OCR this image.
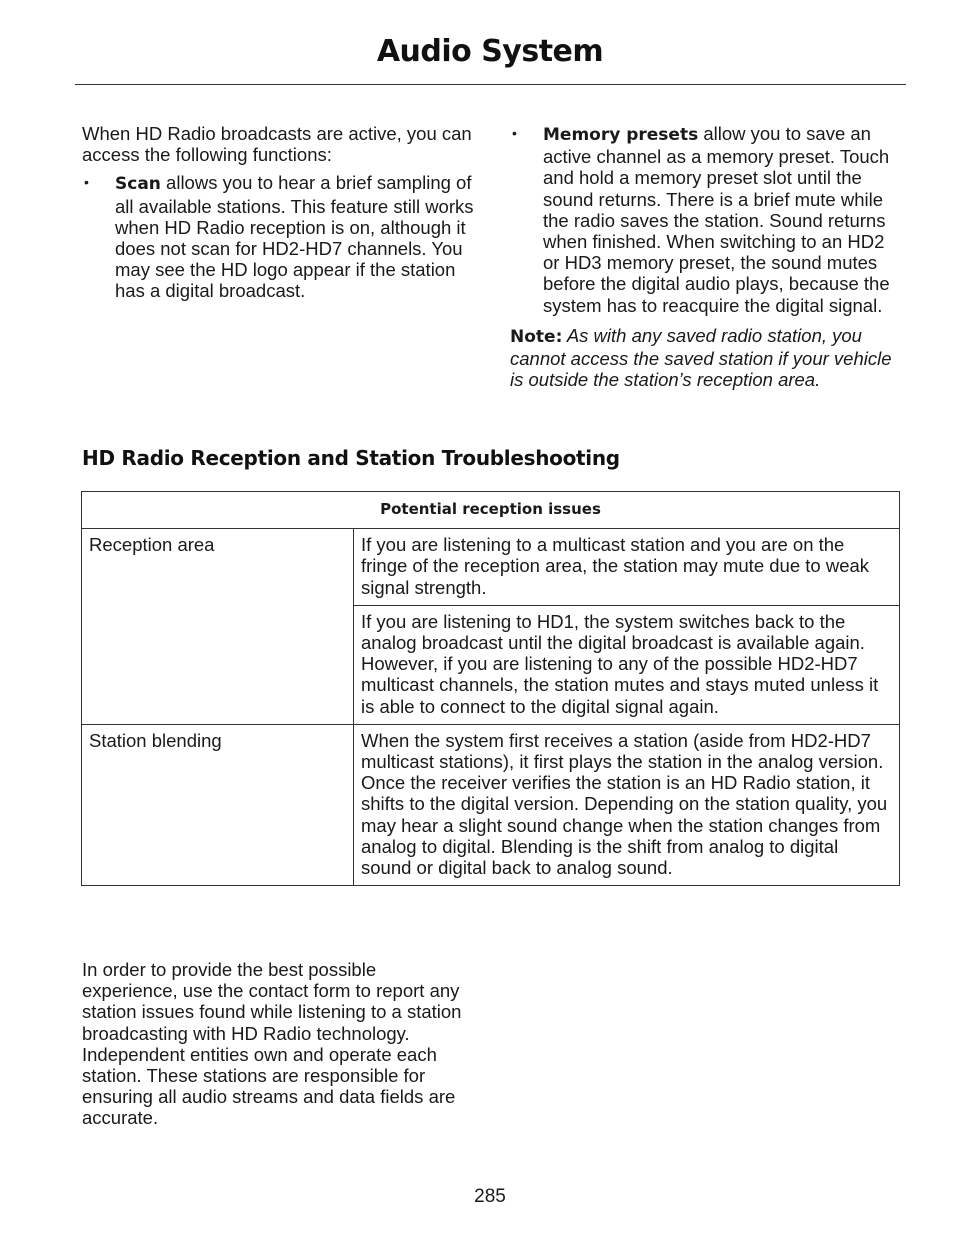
Audio System

When HD Radio broadcasts are active, you can access the following functions:

• Scan allows you to hear a brief sampling of all available stations. This feature still works when HD Radio reception is on, although it does not scan for HD2-HD7 channels. You may see the HD logo appear if the station has a digital broadcast.
• Memory presets allow you to save an active channel as a memory preset. Touch and hold a memory preset slot until the sound returns. There is a brief mute while the radio saves the station. Sound returns when finished. When switching to an HD2 or HD3 memory preset, the sound mutes before the digital audio plays, because the system has to reacquire the digital signal.

Note: As with any saved radio station, you cannot access the saved station if your vehicle is outside the station’s reception area.

HD Radio Reception and Station Troubleshooting
Potential reception issues	
Reception area	If you are listening to a multicast station and you are on the fringe of the reception area, the station may mute due to weak signal strength.
	If you are listening to HD1, the system switches back to the analog broadcast until the digital broadcast is available again. However, if you are listening to any of the possible HD2-HD7 multicast channels, the station mutes and stays muted unless it is able to connect to the digital signal again.
Station blending	When the system first receives a station (aside from HD2-HD7 multicast stations), it first plays the station in the analog version. Once the receiver verifies the station is an HD Radio station, it shifts to the digital version. Depending on the station quality, you may hear a slight sound change when the station changes from analog to digital. Blending is the shift from analog to digital sound or digital back to analog sound.

In order to provide the best possible experience, use the contact form to report any station issues found while listening to a station broadcasting with HD Radio technology. Independent entities own and operate each station. These stations are responsible for ensuring all audio streams and data fields are accurate.

285
